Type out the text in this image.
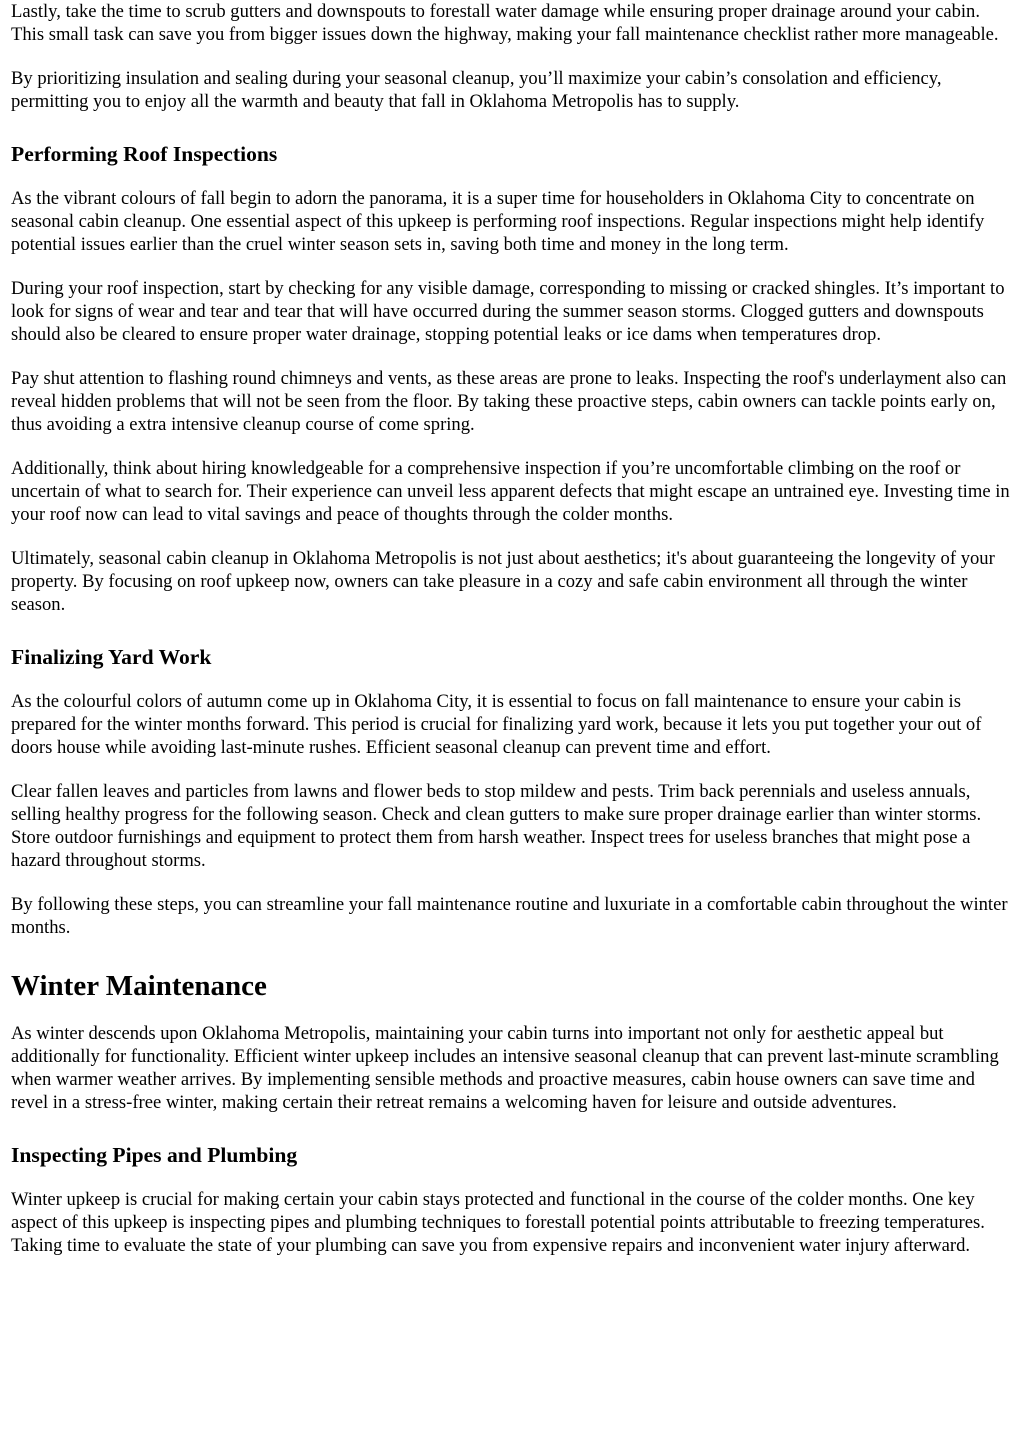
Lastly, take the time to scrub gutters and downspouts to forestall water damage while ensuring proper drainage around your cabin. This small task can save you from bigger issues down the highway, making your fall maintenance checklist rather more manageable.

By prioritizing insulation and sealing during your seasonal cleanup, you’ll maximize your cabin’s consolation and efficiency, permitting you to enjoy all the warmth and beauty that fall in Oklahoma Metropolis has to supply.

Performing Roof Inspections

As the vibrant colours of fall begin to adorn the panorama, it is a super time for householders in Oklahoma City to concentrate on seasonal cabin cleanup. One essential aspect of this upkeep is performing roof inspections. Regular inspections might help identify potential issues earlier than the cruel winter season sets in, saving both time and money in the long term.

During your roof inspection, start by checking for any visible damage, corresponding to missing or cracked shingles. It’s important to look for signs of wear and tear and tear that will have occurred during the summer season storms. Clogged gutters and downspouts should also be cleared to ensure proper water drainage, stopping potential leaks or ice dams when temperatures drop.

Pay shut attention to flashing round chimneys and vents, as these areas are prone to leaks. Inspecting the roof's underlayment also can reveal hidden problems that will not be seen from the floor. By taking these proactive steps, cabin owners can tackle points early on, thus avoiding a extra intensive cleanup course of come spring.

Additionally, think about hiring knowledgeable for a comprehensive inspection if you’re uncomfortable climbing on the roof or uncertain of what to search for. Their experience can unveil less apparent defects that might escape an untrained eye. Investing time in your roof now can lead to vital savings and peace of thoughts through the colder months.

Ultimately, seasonal cabin cleanup in Oklahoma Metropolis is not just about aesthetics; it's about guaranteeing the longevity of your property. By focusing on roof upkeep now, owners can take pleasure in a cozy and safe cabin environment all through the winter season.

Finalizing Yard Work

As the colourful colors of autumn come up in Oklahoma City, it is essential to focus on fall maintenance to ensure your cabin is prepared for the winter months forward. This period is crucial for finalizing yard work, because it lets you put together your out of doors house while avoiding last-minute rushes. Efficient seasonal cleanup can prevent time and effort.

Clear fallen leaves and particles from lawns and flower beds to stop mildew and pests. Trim back perennials and useless annuals, selling healthy progress for the following season. Check and clean gutters to make sure proper drainage earlier than winter storms. Store outdoor furnishings and equipment to protect them from harsh weather. Inspect trees for useless branches that might pose a hazard throughout storms.

By following these steps, you can streamline your fall maintenance routine and luxuriate in a comfortable cabin throughout the winter months.

Winter Maintenance

As winter descends upon Oklahoma Metropolis, maintaining your cabin turns into important not only for aesthetic appeal but additionally for functionality. Efficient winter upkeep includes an intensive seasonal cleanup that can prevent last-minute scrambling when warmer weather arrives. By implementing sensible methods and proactive measures, cabin house owners can save time and revel in a stress-free winter, making certain their retreat remains a welcoming haven for leisure and outside adventures.

Inspecting Pipes and Plumbing

Winter upkeep is crucial for making certain your cabin stays protected and functional in the course of the colder months. One key aspect of this upkeep is inspecting pipes and plumbing techniques to forestall potential points attributable to freezing temperatures. Taking time to evaluate the state of your plumbing can save you from expensive repairs and inconvenient water injury afterward.
